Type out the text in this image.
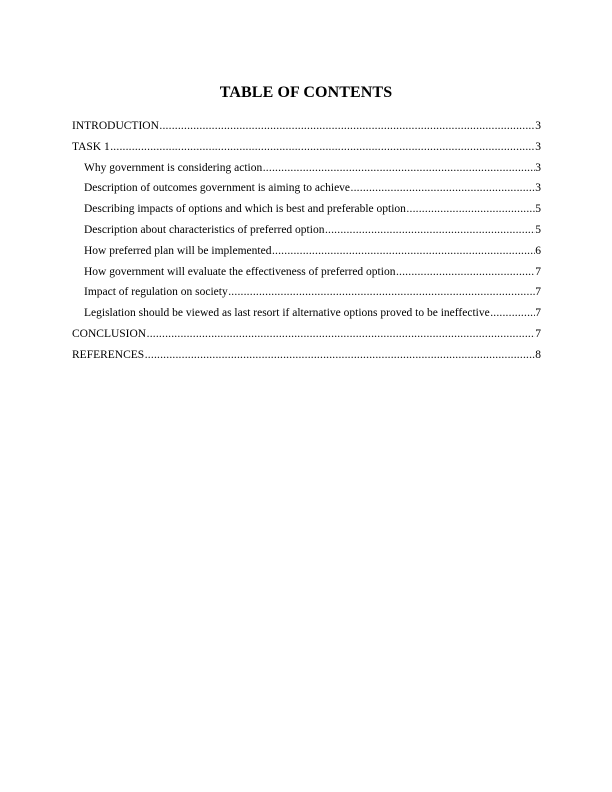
TABLE OF CONTENTS
INTRODUCTION .....	3
TASK 1 .....	3
Why government is considering action .....	3
Description of outcomes government is aiming to achieve .....	3
Describing impacts of options and which is best and preferable option .....	5
Description about characteristics of preferred option .....	5
How preferred plan will be implemented .....	6
How government will evaluate the effectiveness of preferred option .....	7
Impact of regulation on society .....	7
Legislation should be viewed as last resort if alternative options proved to be ineffective .....	7
CONCLUSION .....	7
REFERENCES .....	8
